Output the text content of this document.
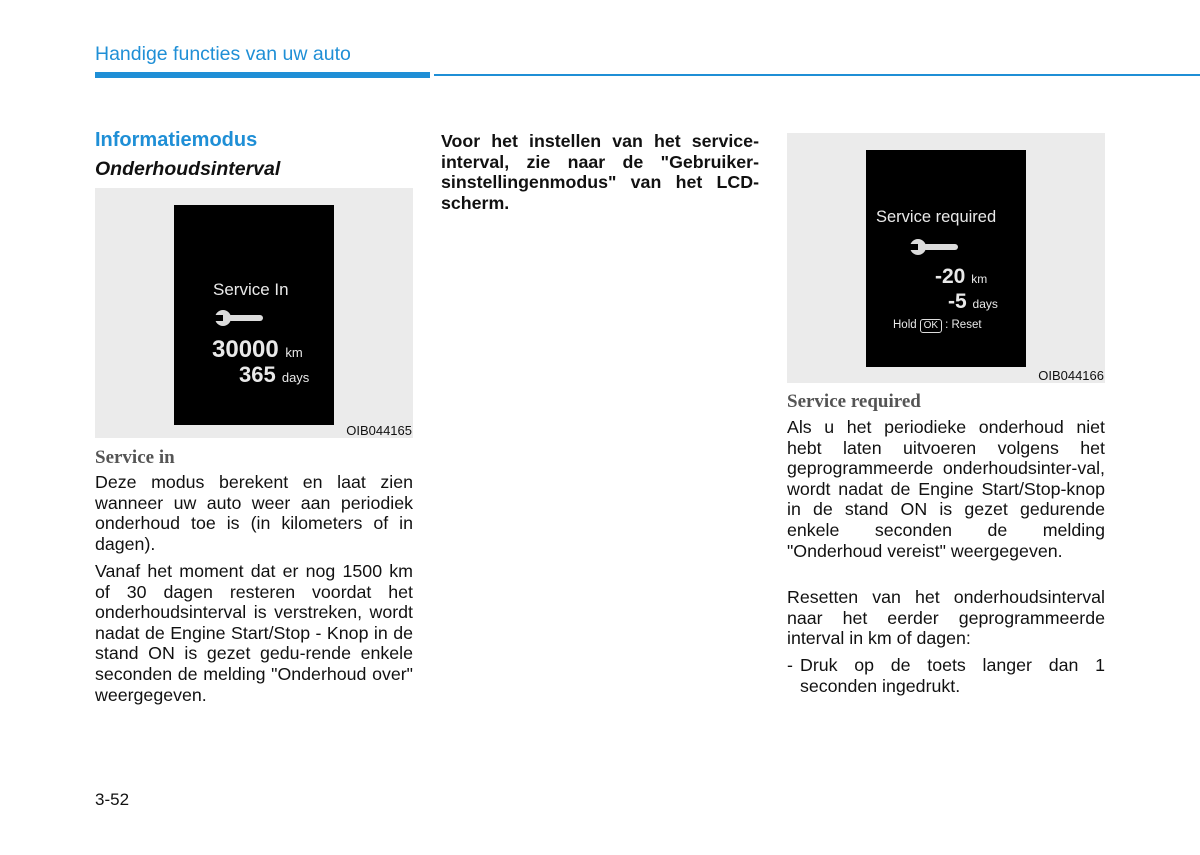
Handige functies van uw auto
Informatiemodus
Onderhoudsinterval
Service In
30000 km
365 days
OIB044165
Service in
Deze modus berekent en laat zien wanneer uw auto weer aan periodiek onderhoud toe is (in kilometers of in dagen).
Vanaf het moment dat er nog 1500 km of 30 dagen resteren voordat het onderhoudsinterval is verstreken, wordt nadat de Engine Start/Stop - Knop in de stand ON is gezet gedu-rende enkele seconden de melding "Onderhoud over" weergegeven.
Voor het instellen van het service-interval, zie naar de "Gebruiker-sinstellingenmodus" van het LCD-scherm.
Service required
-20 km
-5 days
Hold OK : Reset
OIB044166
Service required
Als u het periodieke onderhoud niet hebt laten uitvoeren volgens het geprogrammeerde onderhoudsinter-val, wordt nadat de Engine Start/Stop-knop in de stand ON is gezet gedurende enkele seconden de melding "Onderhoud vereist" weergegeven.
Resetten van het onderhoudsinterval naar het eerder geprogrammeerde interval in km of dagen:
- Druk op de toets langer dan 1 seconden ingedrukt.
3-52
